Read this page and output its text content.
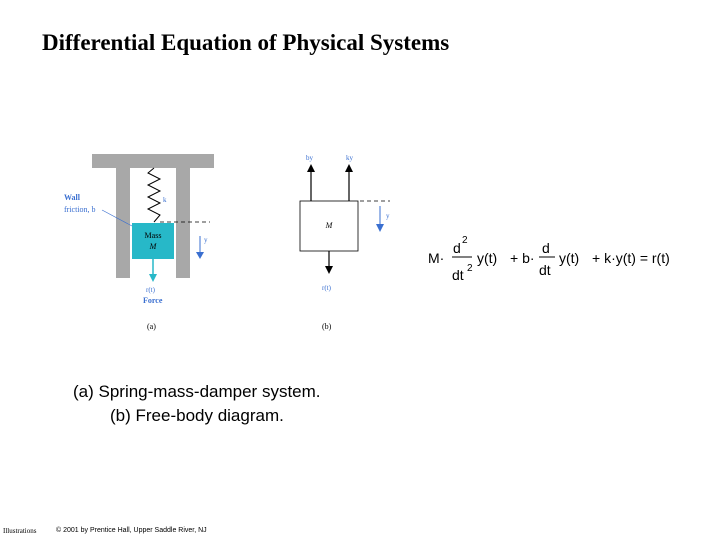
Differential Equation of Physical Systems
Wall
friction, b
k
Mass
M
y
r(t)
Force
(a)
by	ky
M
y
r(t)
(b)
M·
d 2
dt 2
y(t) + b·
d
dt
y(t) + k·y(t) = r(t)
(a) Spring-mass-damper system.
(b) Free-body diagram.
Illustrations	© 2001 by Prentice Hall, Upper Saddle River, NJ
